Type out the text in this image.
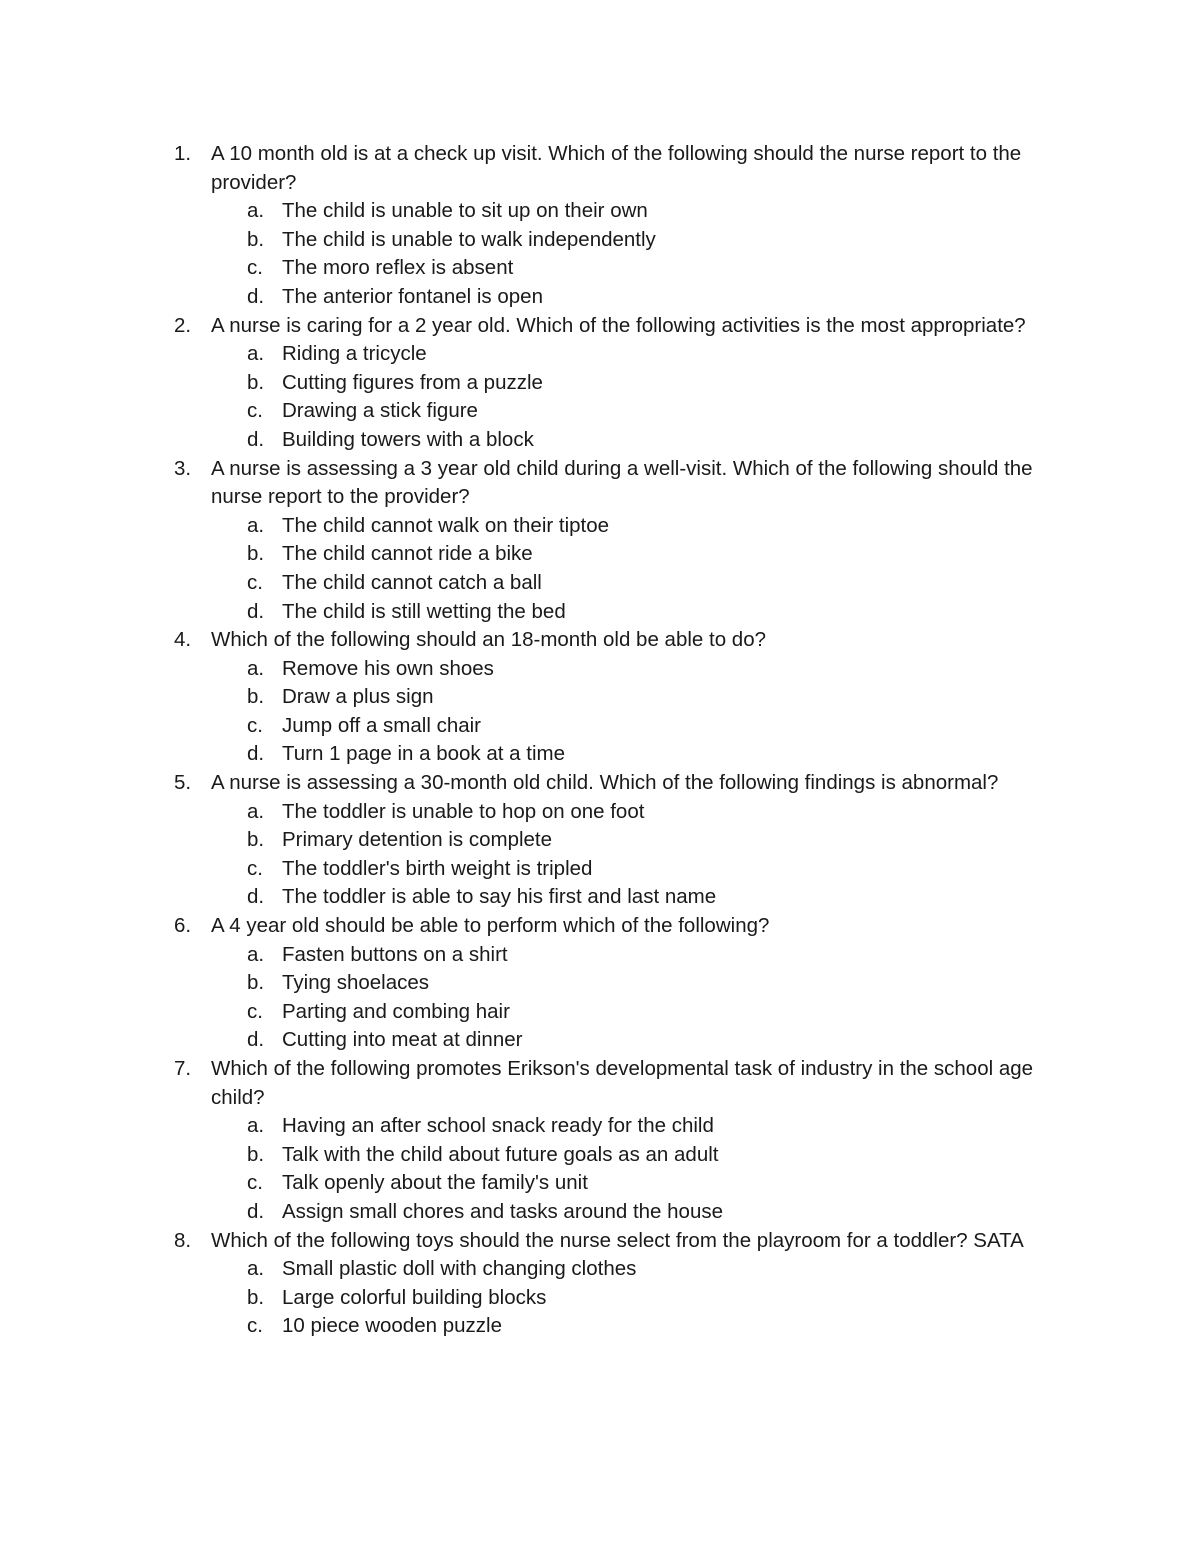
1. A 10 month old is at a check up visit. Which of the following should the nurse report to the provider?
a. The child is unable to sit up on their own
b. The child is unable to walk independently
c. The moro reflex is absent
d. The anterior fontanel is open
2. A nurse is caring for a 2 year old. Which of the following activities is the most appropriate?
a. Riding a tricycle
b. Cutting figures from a puzzle
c. Drawing a stick figure
d. Building towers with a block
3. A nurse is assessing a 3 year old child during a well-visit. Which of the following should the nurse report to the provider?
a. The child cannot walk on their tiptoe
b. The child cannot ride a bike
c. The child cannot catch a ball
d. The child is still wetting the bed
4. Which of the following should an 18-month old be able to do?
a. Remove his own shoes
b. Draw a plus sign
c. Jump off a small chair
d. Turn 1 page in a book at a time
5. A nurse is assessing a 30-month old child. Which of the following findings is abnormal?
a. The toddler is unable to hop on one foot
b. Primary detention is complete
c. The toddler's birth weight is tripled
d. The toddler is able to say his first and last name
6. A 4 year old should be able to perform which of the following?
a. Fasten buttons on a shirt
b. Tying shoelaces
c. Parting and combing hair
d. Cutting into meat at dinner
7. Which of the following promotes Erikson's developmental task of industry in the school age child?
a. Having an after school snack ready for the child
b. Talk with the child about future goals as an adult
c. Talk openly about the family's unit
d. Assign small chores and tasks around the house
8. Which of the following toys should the nurse select from the playroom for a toddler? SATA
a. Small plastic doll with changing clothes
b. Large colorful building blocks
c. 10 piece wooden puzzle
